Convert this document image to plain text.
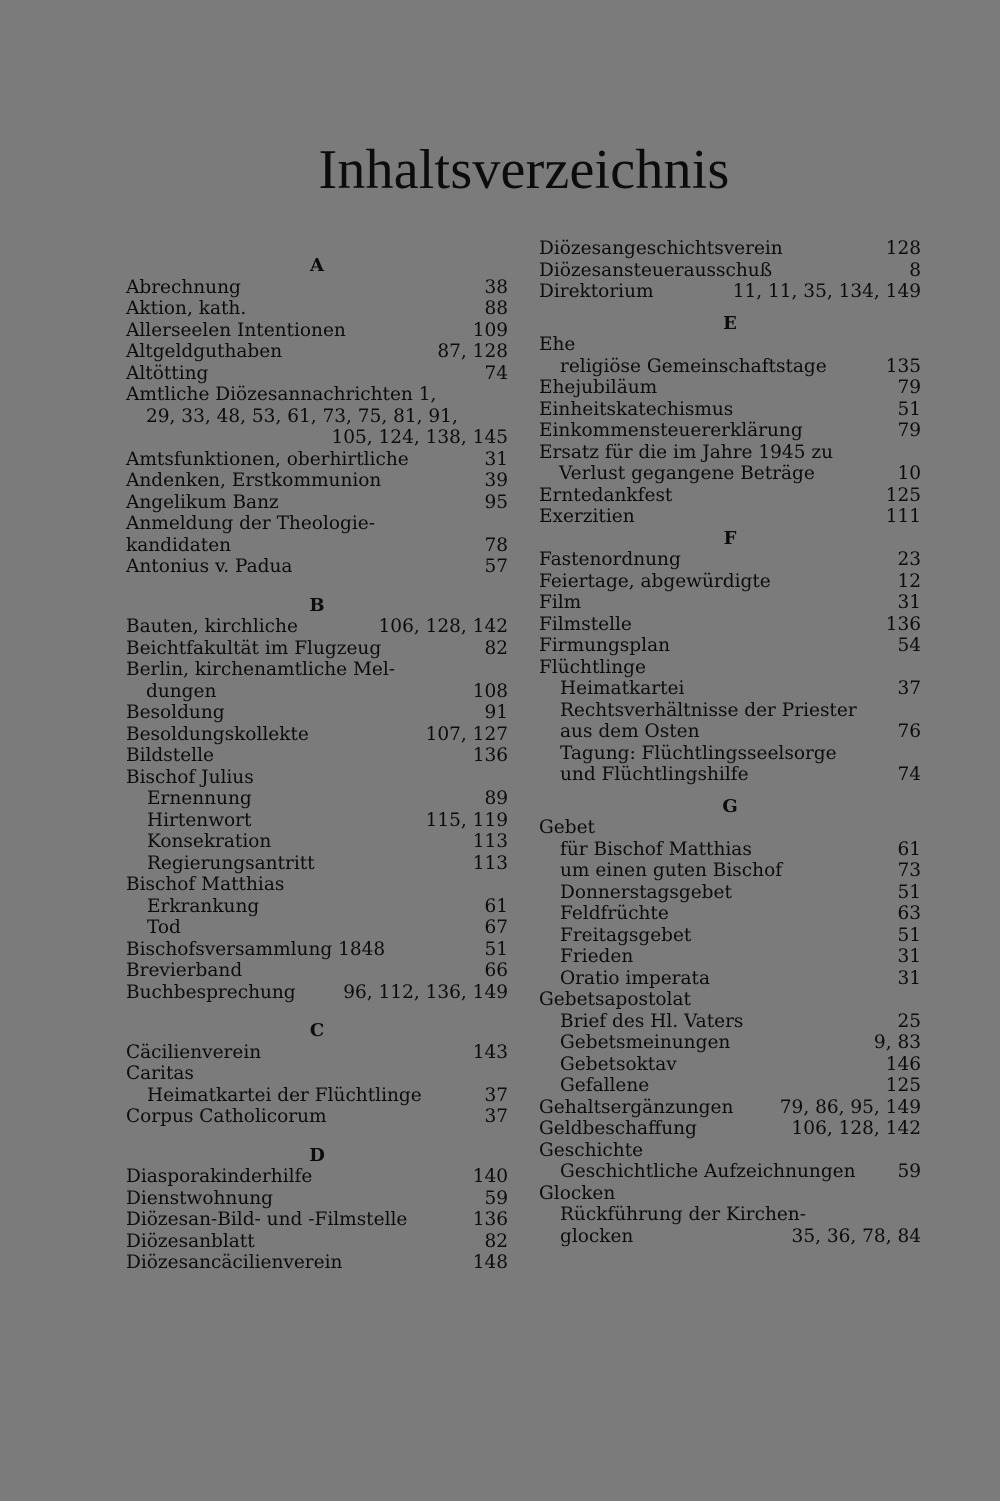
Inhaltsverzeichnis
A
Abrechnung	38
Aktion, kath.	88
Allerseelen Intentionen	109
Altgeldguthaben	87, 128
Altötting	74
Amtliche Diözesannachrichten 1,
29, 33, 48, 53, 61, 73, 75, 81, 91,
105, 124, 138, 145
Amtsfunktionen, oberhirtliche	31
Andenken, Erstkommunion	39
Angelikum Banz	95
Anmeldung der Theologie-
kandidaten	78
Antonius v. Padua	57
B
Bauten, kirchliche	106, 128, 142
Beichtfakultät im Flugzeug	82
Berlin, kirchenamtliche Mel-
dungen	108
Besoldung	91
Besoldungskollekte	107, 127
Bildstelle	136
Bischof Julius
Ernennung	89
Hirtenwort	115, 119
Konsekration	113
Regierungsantritt	113
Bischof Matthias
Erkrankung	61
Tod	67
Bischofsversammlung 1848	51
Brevierband	66
Buchbesprechung	96, 112, 136, 149
C
Cäcilienverein	143
Caritas
Heimatkartei der Flüchtlinge	37
Corpus Catholicorum	37
D
Diasporakinderhilfe	140
Dienstwohnung	59
Diözesan-Bild- und -Filmstelle	136
Diözesanblatt	82
Diözesancäcilienverein	148
Diözesangeschichtsverein	128
Diözesansteuerausschuß	8
Direktorium	11, 11, 35, 134, 149
E
Ehe
religiöse Gemeinschaftstage	135
Ehejubiläum	79
Einheitskatechismus	51
Einkommensteuererklärung	79
Ersatz für die im Jahre 1945 zu
Verlust gegangene Beträge	10
Erntedankfest	125
Exerzitien	111
F
Fastenordnung	23
Feiertage, abgewürdigte	12
Film	31
Filmstelle	136
Firmungsplan	54
Flüchtlinge
Heimatkartei	37
Rechtsverhältnisse der Priester
aus dem Osten	76
Tagung: Flüchtlingsseelsorge
und Flüchtlingshilfe	74
G
Gebet
für Bischof Matthias	61
um einen guten Bischof	73
Donnerstagsgebet	51
Feldfrüchte	63
Freitagsgebet	51
Frieden	31
Oratio imperata	31
Gebetsapostolat
Brief des Hl. Vaters	25
Gebetsmeinungen	9, 83
Gebetsoktav	146
Gefallene	125
Gehaltsergänzungen	79, 86, 95, 149
Geldbeschaffung	106, 128, 142
Geschichte
Geschichtliche Aufzeichnungen 59
Glocken
Rückführung der Kirchen-
glocken	35, 36, 78, 84
